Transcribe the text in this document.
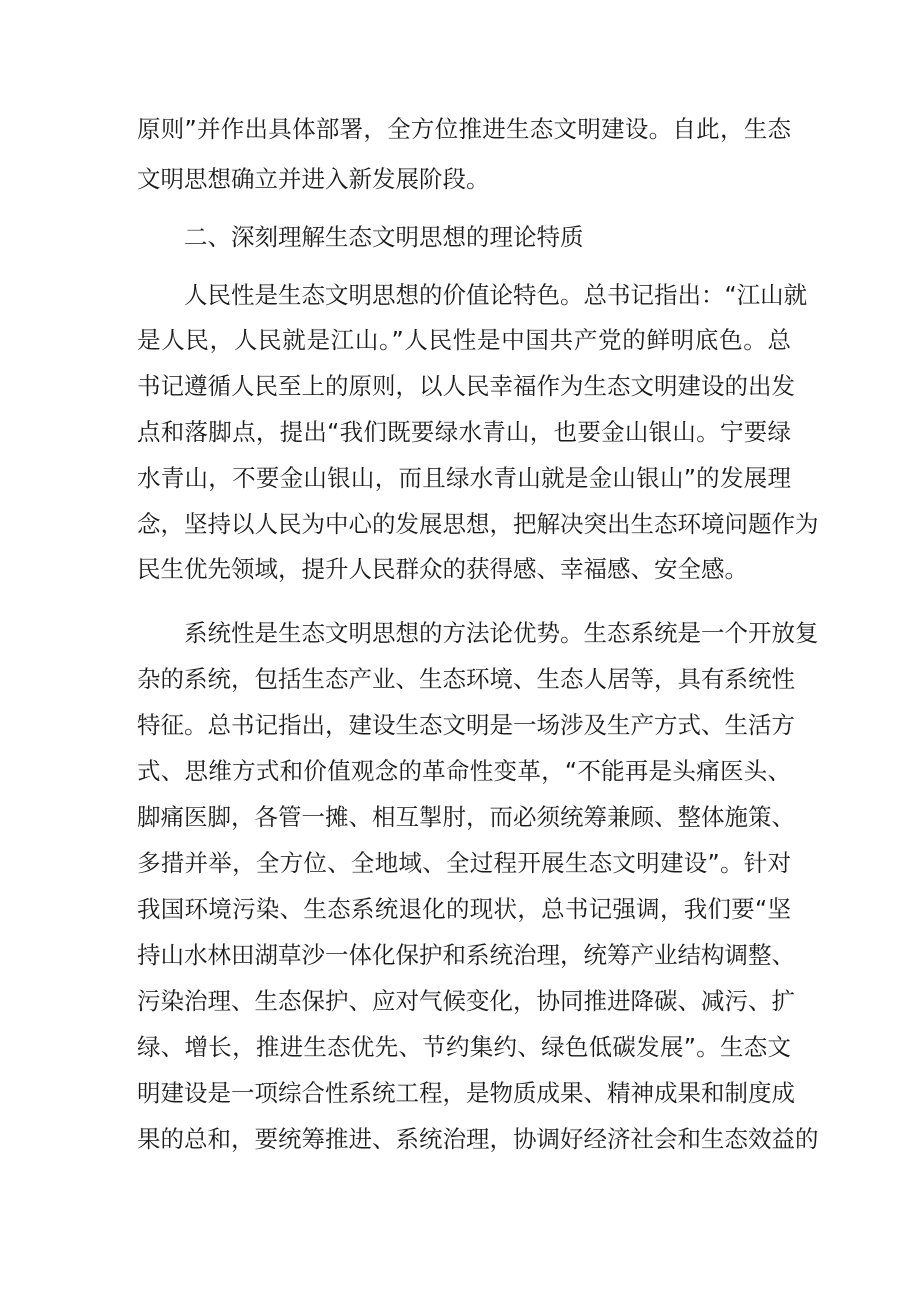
原则”并作出具体部署，全方位推进生态文明建设。自此，生态
文明思想确立并进入新发展阶段。
二、深刻理解生态文明思想的理论特质
人民性是生态文明思想的价值论特色。总书记指出：“江山就
是人民，人民就是江山。”人民性是中国共产党的鲜明底色。总
书记遵循人民至上的原则，以人民幸福作为生态文明建设的出发
点和落脚点，提出“我们既要绿水青山，也要金山银山。宁要绿
水青山，不要金山银山，而且绿水青山就是金山银山”的发展理
念，坚持以人民为中心的发展思想，把解决突出生态环境问题作为
民生优先领域，提升人民群众的获得感、幸福感、安全感。
系统性是生态文明思想的方法论优势。生态系统是一个开放复
杂的系统，包括生态产业、生态环境、生态人居等，具有系统性
特征。总书记指出，建设生态文明是一场涉及生产方式、生活方
式、思维方式和价值观念的革命性变革，“不能再是头痛医头、
脚痛医脚，各管一摊、相互掣肘，而必须统筹兼顾、整体施策、
多措并举，全方位、全地域、全过程开展生态文明建设”。针对
我国环境污染、生态系统退化的现状，总书记强调，我们要“坚
持山水林田湖草沙一体化保护和系统治理，统筹产业结构调整、
污染治理、生态保护、应对气候变化，协同推进降碳、减污、扩
绿、增长，推进生态优先、节约集约、绿色低碳发展”。生态文
明建设是一项综合性系统工程，是物质成果、精神成果和制度成
果的总和，要统筹推进、系统治理，协调好经济社会和生态效益的
